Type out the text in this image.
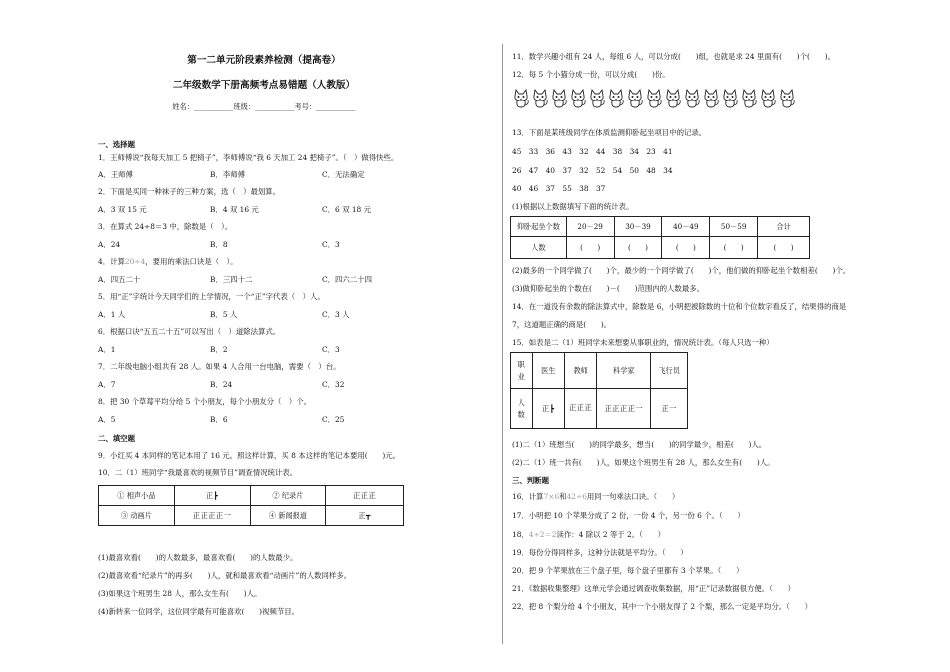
第一二单元阶段素养检测（提高卷）
二年级数学下册高频考点易错题（人教版）
姓名：___________班级：___________考号：___________
一、选择题
1．王师傅说“我每天加工 5 把椅子”，李师傅说“我 6 天加工 24 把椅子”。（　）做得快些。
A．王师傅	B．李师傅	C．无法确定
2．下面是买同一种袜子的三种方案，选（　）最划算。
A．3 双 15 元	B．4 双 16 元	C．6 双 18 元
3．在算式 24÷8＝3 中，除数是（　）。
A．24	B．8	C．3
4．计算20÷4，要用的乘法口诀是（　）。
A．四五二十	B．三四十二	C．四六二十四
5．用“正”字统计今天同学们的上学情况，一个“正”字代表（　）人。
A．1 人	B．5 人	C．3 人
6．根据口诀“五五二十五”可以写出（　）道除法算式。
A．1	B．2	C．3
7．二年级电脑小组共有 28 人。如果 4 人合用一台电脑，需要（　）台。
A．7	B．24	C．32
8．把 30 个草莓平均分给 5 个小朋友，每个小朋友分（　）个。
A．5	B．6	C．25
二、填空题
9．小红买 4 本同样的笔记本用了 16 元。照这样计算，买 8 本这样的笔记本要用(　　)元。
10．二（1）班同学“我最喜欢的视频节目”调查情况统计表。
① 相声小品	正┣	② 纪录片	正正正
③ 动画片	正正正正一	④ 新闻报道	正┳
(1)最喜欢看(　　)的人数最多，最喜欢看(　　)的人数最少。
(2)最喜欢看“纪录片”的再多(　　)人，就和最喜欢看“动画片”的人数同样多。
(3)如果这个班男生 28 人，那么女生有(　　)人。
(4)新转来一位同学，这位同学最有可能喜欢(　　)视频节目。
11．数学兴趣小组有 24 人，每组 6 人，可以分成(　　)组，也就是求 24 里面有(　　)个(　　)。
12．每 5 个小猫分成一份，可以分成(　　)份。
13．下面是某班级同学在体质监测仰卧起坐项目中的记录。
45　33　36　43　32　44　38　34　23　41
26　47　40　37　32　52　54　50　48　34
40　46　37　55　38　37
(1)根据以上数据填写下面的统计表。
仰卧起坐个数	20－29	30－39	40－49	50－59	合计
人数	(　　)	(　　)	(　　)	(　　)	(　　)
(2)最多的一个同学做了(　　)个，最少的一个同学做了(　　)个，他们做的仰卧起坐个数相差(　　)个。
(3)做仰卧起坐的个数在(　　)－(　　)范围内的人数最多。
14．在一道没有余数的除法算式中，除数是 6，小明把被除数的十位和个位数字看反了，结果得的商是
7，这道题正确的商是(　　)。
15．如表是二（1）班同学未来想要从事职业的，情况统计表。（每人只选一种）
职业	医生	教师	科学家	飞行员
人数	正┣	正正正	正正正正一	正一
(1)二（1）班想当(　　)的同学最多，想当(　　)的同学最少，相差(　　)人。
(2)二（1）班一共有(　　)人，如果这个班男生有 28 人，那么女生有(　　)人。
三、判断题
16．计算7×6和42÷6用同一句乘法口诀。（　　）
17．小明把 10 个苹果分成了 2 份，一份 4 个，另一份 6 个。（　　）
18．4÷2＝2读作：4 除以 2 等于 2。（　　）
19．每份分得同样多，这种分法就是平均分。（　　）
20．把 9 个苹果放在三个盘子里，每个盘子里都有 3 个苹果。（　　）
21．《数据收集整理》这单元学会通过调查收集数据，用“正”记录数据很方便。（　　）
22．把 8 个梨分给 4 个小朋友，其中一个小朋友得了 2 个梨，那么一定是平均分。（　　）
